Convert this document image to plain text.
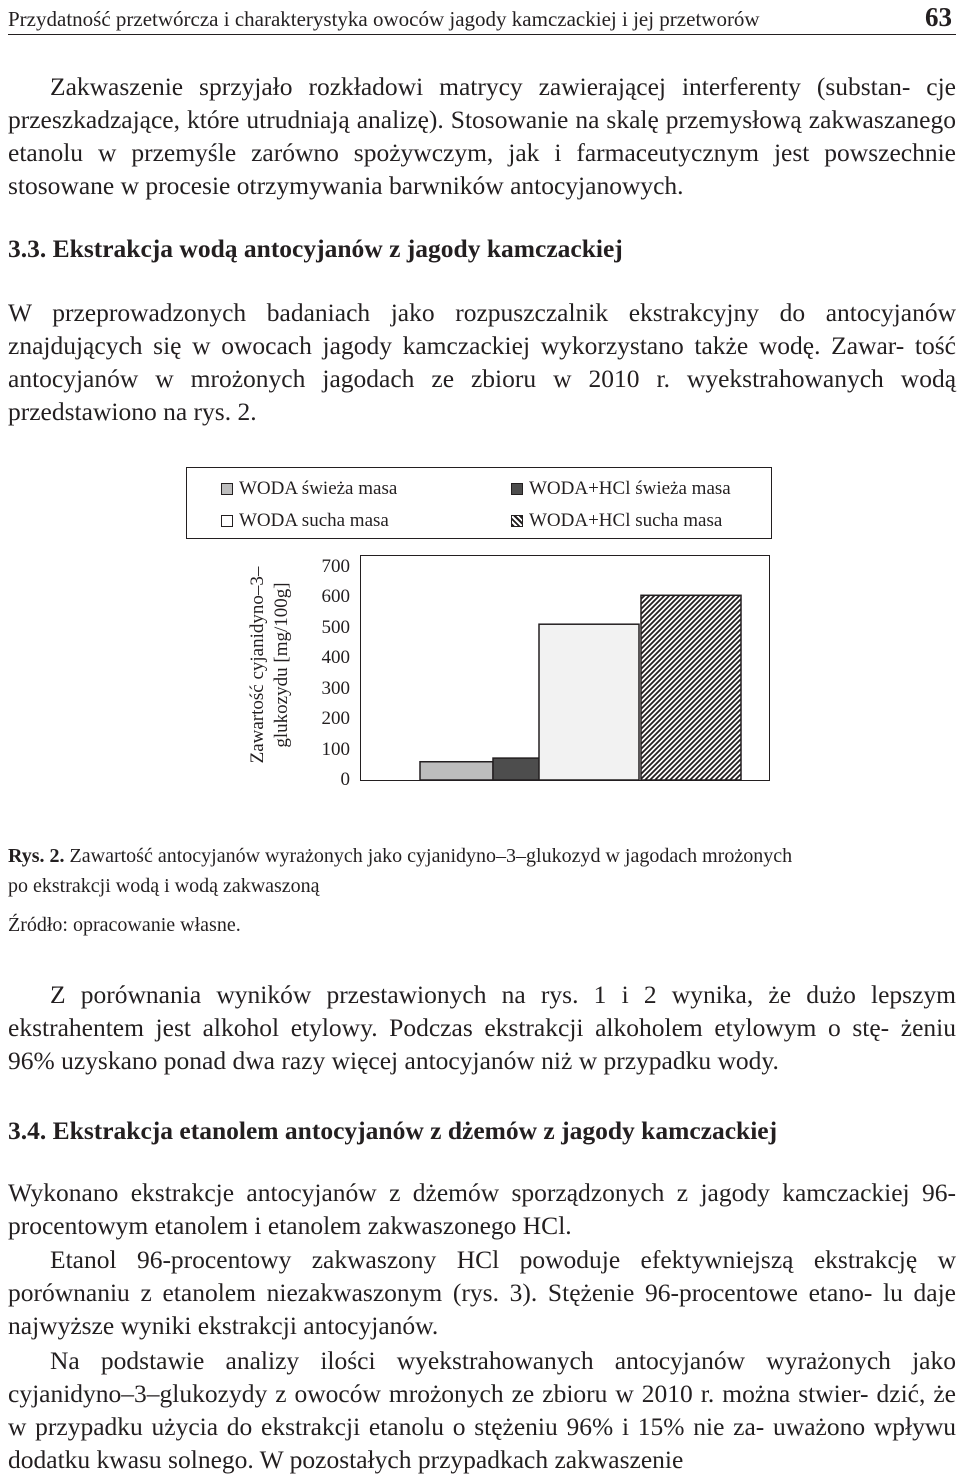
Przydatność przetwórcza i charakterystyka owoców jagody kamczackiej i jej przetworów	63

Zakwaszenie sprzyjało rozkładowi matrycy zawierającej interferenty (substan- cje przeszkadzające, które utrudniają analizę). Stosowanie na skalę przemysłową zakwaszanego etanolu w przemyśle zarówno spożywczym, jak i farmaceutycznym jest powszechnie stosowane w procesie otrzymywania barwników antocyjanowych.

3.3. Ekstrakcja wodą antocyjanów z jagody kamczackiej

W przeprowadzonych badaniach jako rozpuszczalnik ekstrakcyjny do antocyjanów znajdujących się w owocach jagody kamczackiej wykorzystano także wodę. Zawar- tość antocyjanów w mrożonych jagodach ze zbioru w 2010 r. wyekstrahowanych wodą przedstawiono na rys. 2.

WODA świeża masa	WODA+HCl świeża masa
WODA sucha masa	WODA+HCl sucha masa
Zawartość cyjanidyno–3– glukozydu [mg/100g]
0
100
200
300
400
500
600
700

Rys. 2. Zawartość antocyjanów wyrażonych jako cyjanidyno–3–glukozyd w jagodach mrożonych
po ekstrakcji wodą i wodą zakwaszoną

Źródło: opracowanie własne.

Z porównania wyników przestawionych na rys. 1 i 2 wynika, że dużo lepszym ekstrahentem jest alkohol etylowy. Podczas ekstrakcji alkoholem etylowym o stę- żeniu 96% uzyskano ponad dwa razy więcej antocyjanów niż w przypadku wody.

3.4. Ekstrakcja etanolem antocyjanów z dżemów z jagody kamczackiej

Wykonano ekstrakcje antocyjanów z dżemów sporządzonych z jagody kamczackiej 96-procentowym etanolem i etanolem zakwaszonego HCl.

Etanol 96-procentowy zakwaszony HCl powoduje efektywniejszą ekstrakcję w porównaniu z etanolem niezakwaszonym (rys. 3). Stężenie 96-procentowe etano- lu daje najwyższe wyniki ekstrakcji antocyjanów.

Na podstawie analizy ilości wyekstrahowanych antocyjanów wyrażonych jako cyjanidyno–3–glukozydy z owoców mrożonych ze zbioru w 2010 r. można stwier- dzić, że w przypadku użycia do ekstrakcji etanolu o stężeniu 96% i 15% nie za- uważono wpływu dodatku kwasu solnego. W pozostałych przypadkach zakwaszenie
